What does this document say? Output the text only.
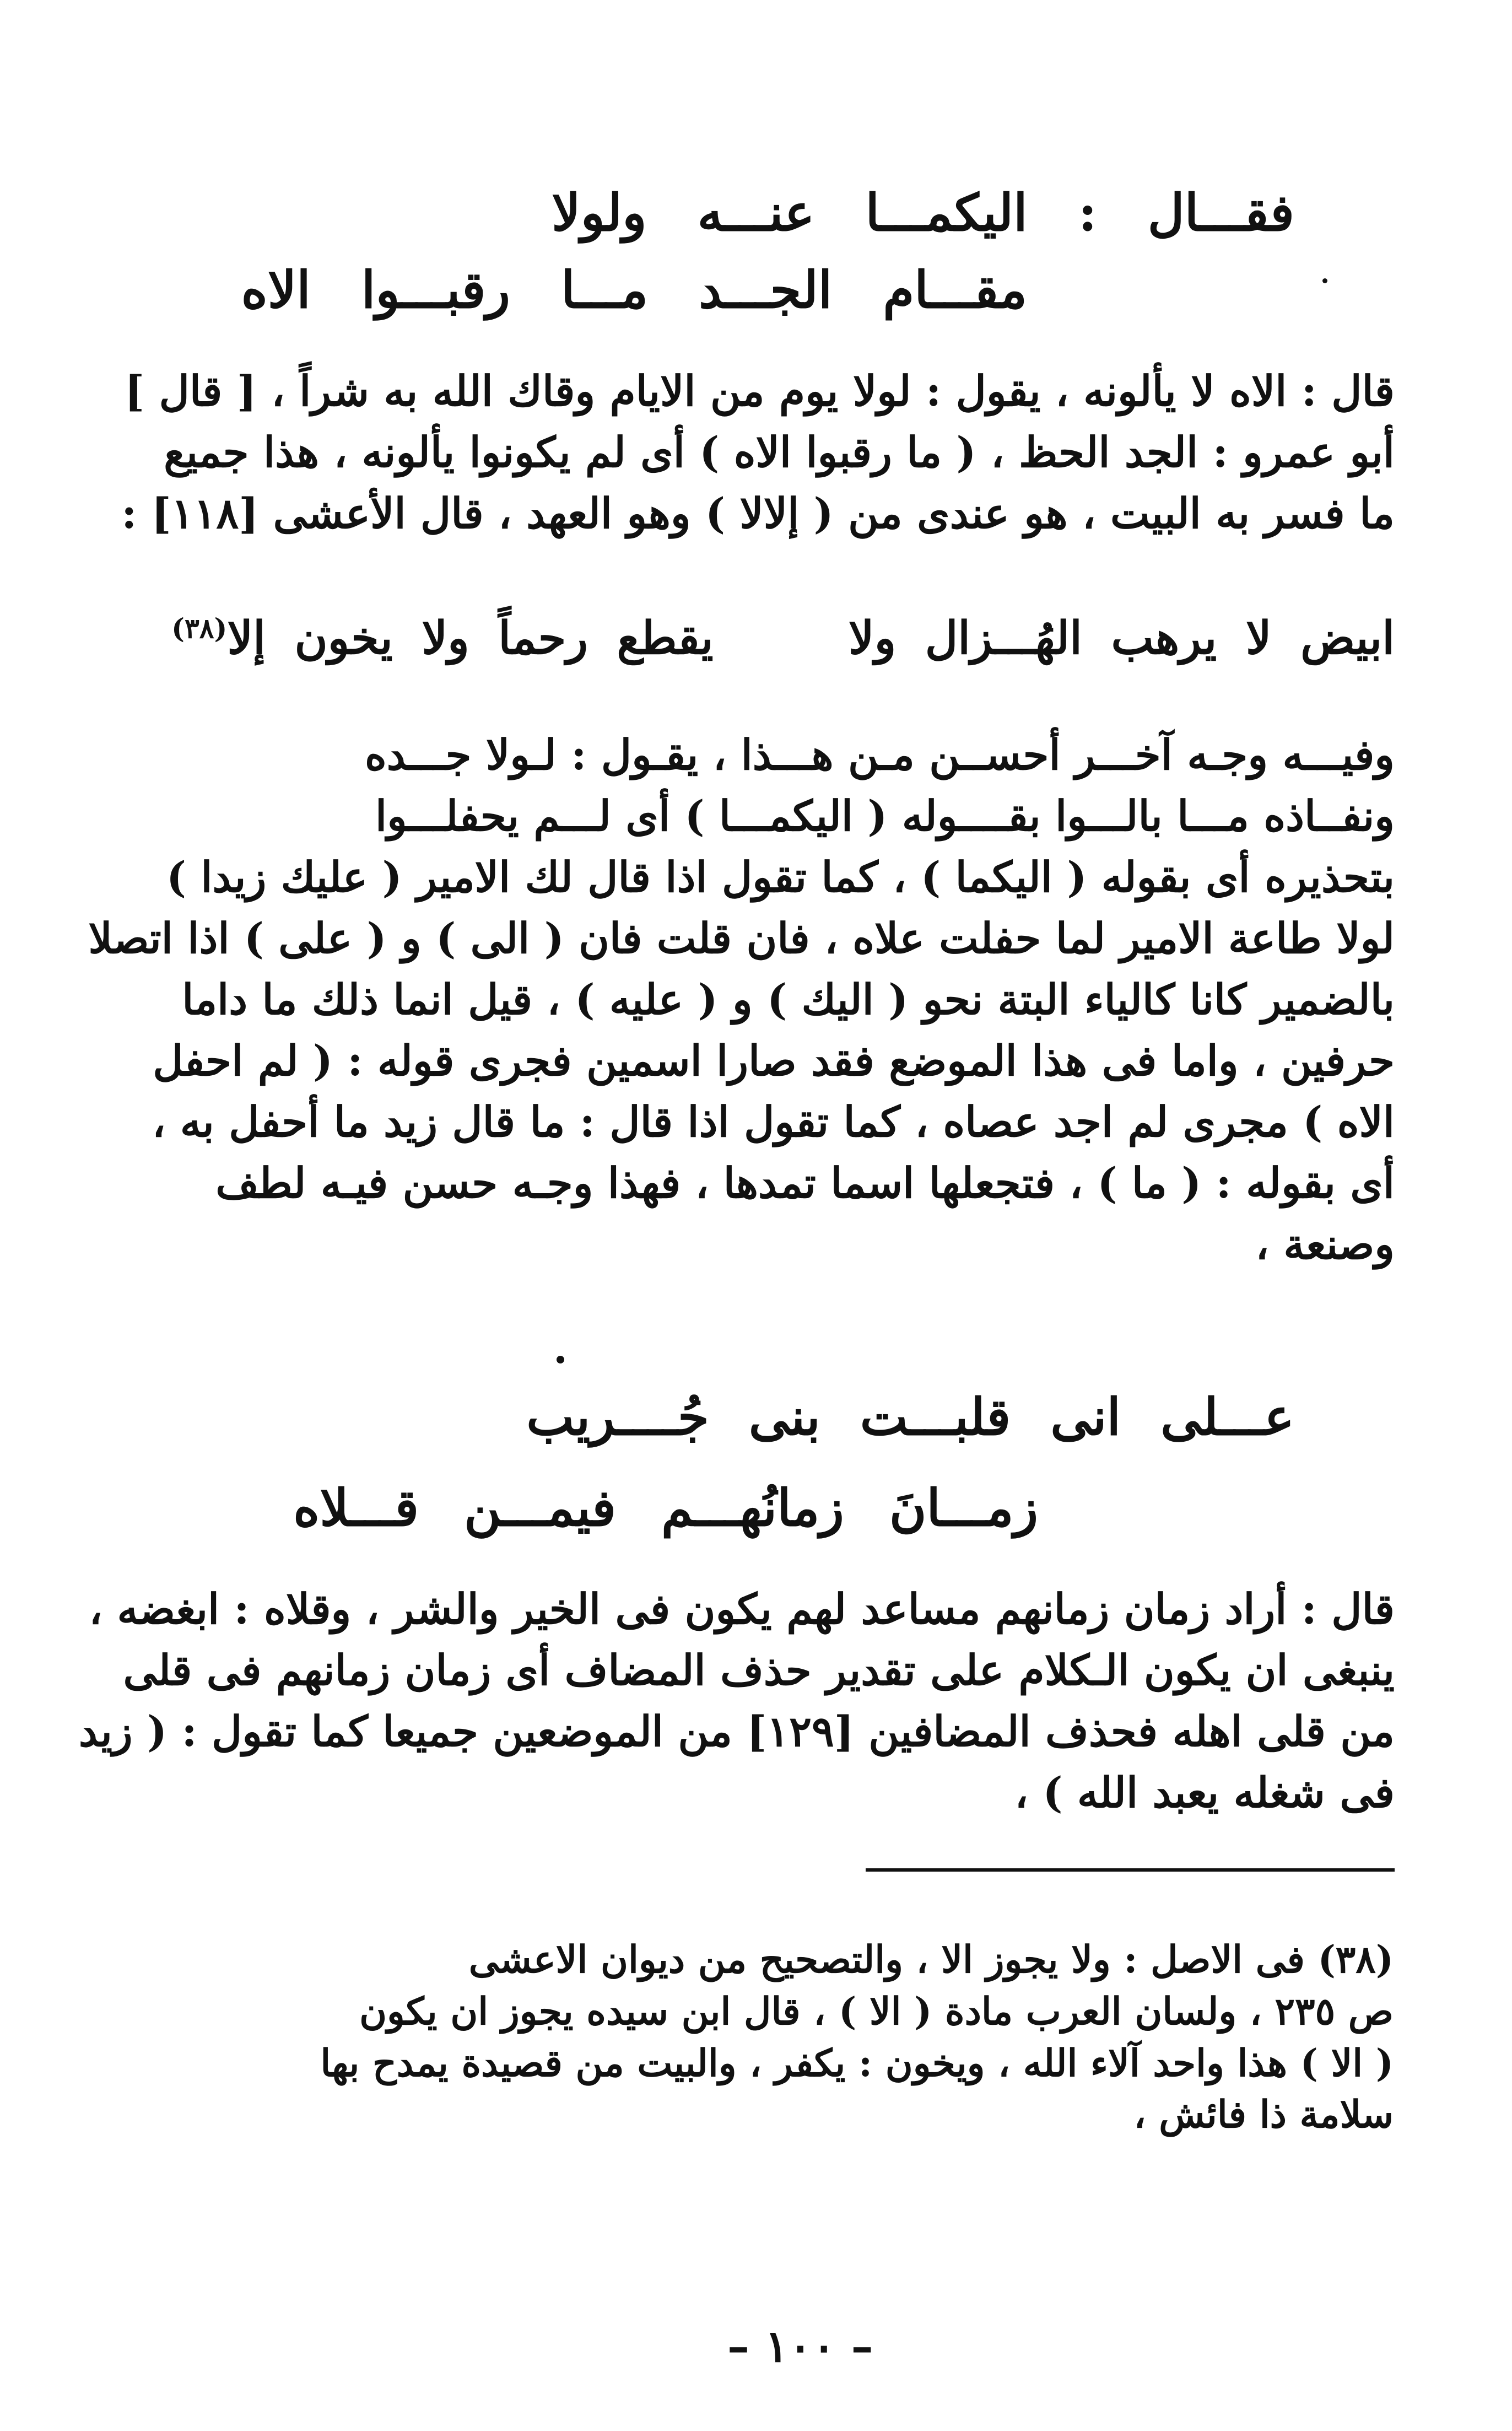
فقـــال : اليكمـــا عنـــه ولولا
مقـــام الجـــد مـــا رقبـــوا الاه
قال : الاه لا يألونه ، يقول : لولا يوم من الايام وقاك الله به شراً ، [ قال ]
أبو عمرو : الجد الحظ ، ( ما رقبوا الاه ) أى لم يكونوا يألونه ، هذا جميع
ما فسر به البيت ، هو عندى من ( إلالا ) وهو العهد ، قال الأعشى [١١٨] :
ابيض لا يرهب الهُـــزال ولا  يقطع رحماً ولا يخون إلا$^{(٣٨)}$
وفيـــه وجـه آخـــر أحســن مـن هـــذا ، يقـول : لـولا جـــده
ونفــاذه مـــا بالـــوا بقــــوله ( اليكمـــا ) أى لـــم يحفلـــوا
بتحذيره أى بقوله ( اليكما ) ، كما تقول اذا قال لك الامير ( عليك زيدا )
لولا طاعة الامير لما حفلت علاه ، فان قلت فان ( الى ) و ( على ) اذا اتصلا
بالضمير كانا كالياء البتة نحو ( اليك ) و ( عليه ) ، قيل انما ذلك ما داما
حرفين ، واما فى هذا الموضع فقد صارا اسمين فجرى قوله : ( لم احفل
الاه ) مجرى لم اجد عصاه ، كما تقول اذا قال : ما قال زيد ما أحفل به ،
أى بقوله : ( ما ) ، فتجعلها اسما تمدها ، فهذا وجـه حسن فيـه لطف
وصنعة ،
عـــلى انى قلبـــت بنى جُــــريب
زمـــانَ زمانُهـــم فيمـــن قـــلاه
قال : أراد زمان زمانهم مساعد لهم يكون فى الخير والشر ، وقلاه : ابغضه ،
ينبغى ان يكون الـكلام على تقدير حذف المضاف أى زمان زمانهم فى قلى
من قلى اهله فحذف المضافين [١٢٩] من الموضعين جميعا كما تقول : ( زيد
فى شغله يعبد الله ) ،
(٣٨) فى الاصل : ولا يجوز الا ، والتصحيح من ديوان الاعشى
ص ٢٣٥ ، ولسان العرب مادة ( الا ) ، قال ابن سيده يجوز ان يكون
( الا ) هذا واحد آلاء الله ، ويخون : يكفر ، والبيت من قصيدة يمدح بها
سلامة ذا فائش ،
– ١٠٠ –
